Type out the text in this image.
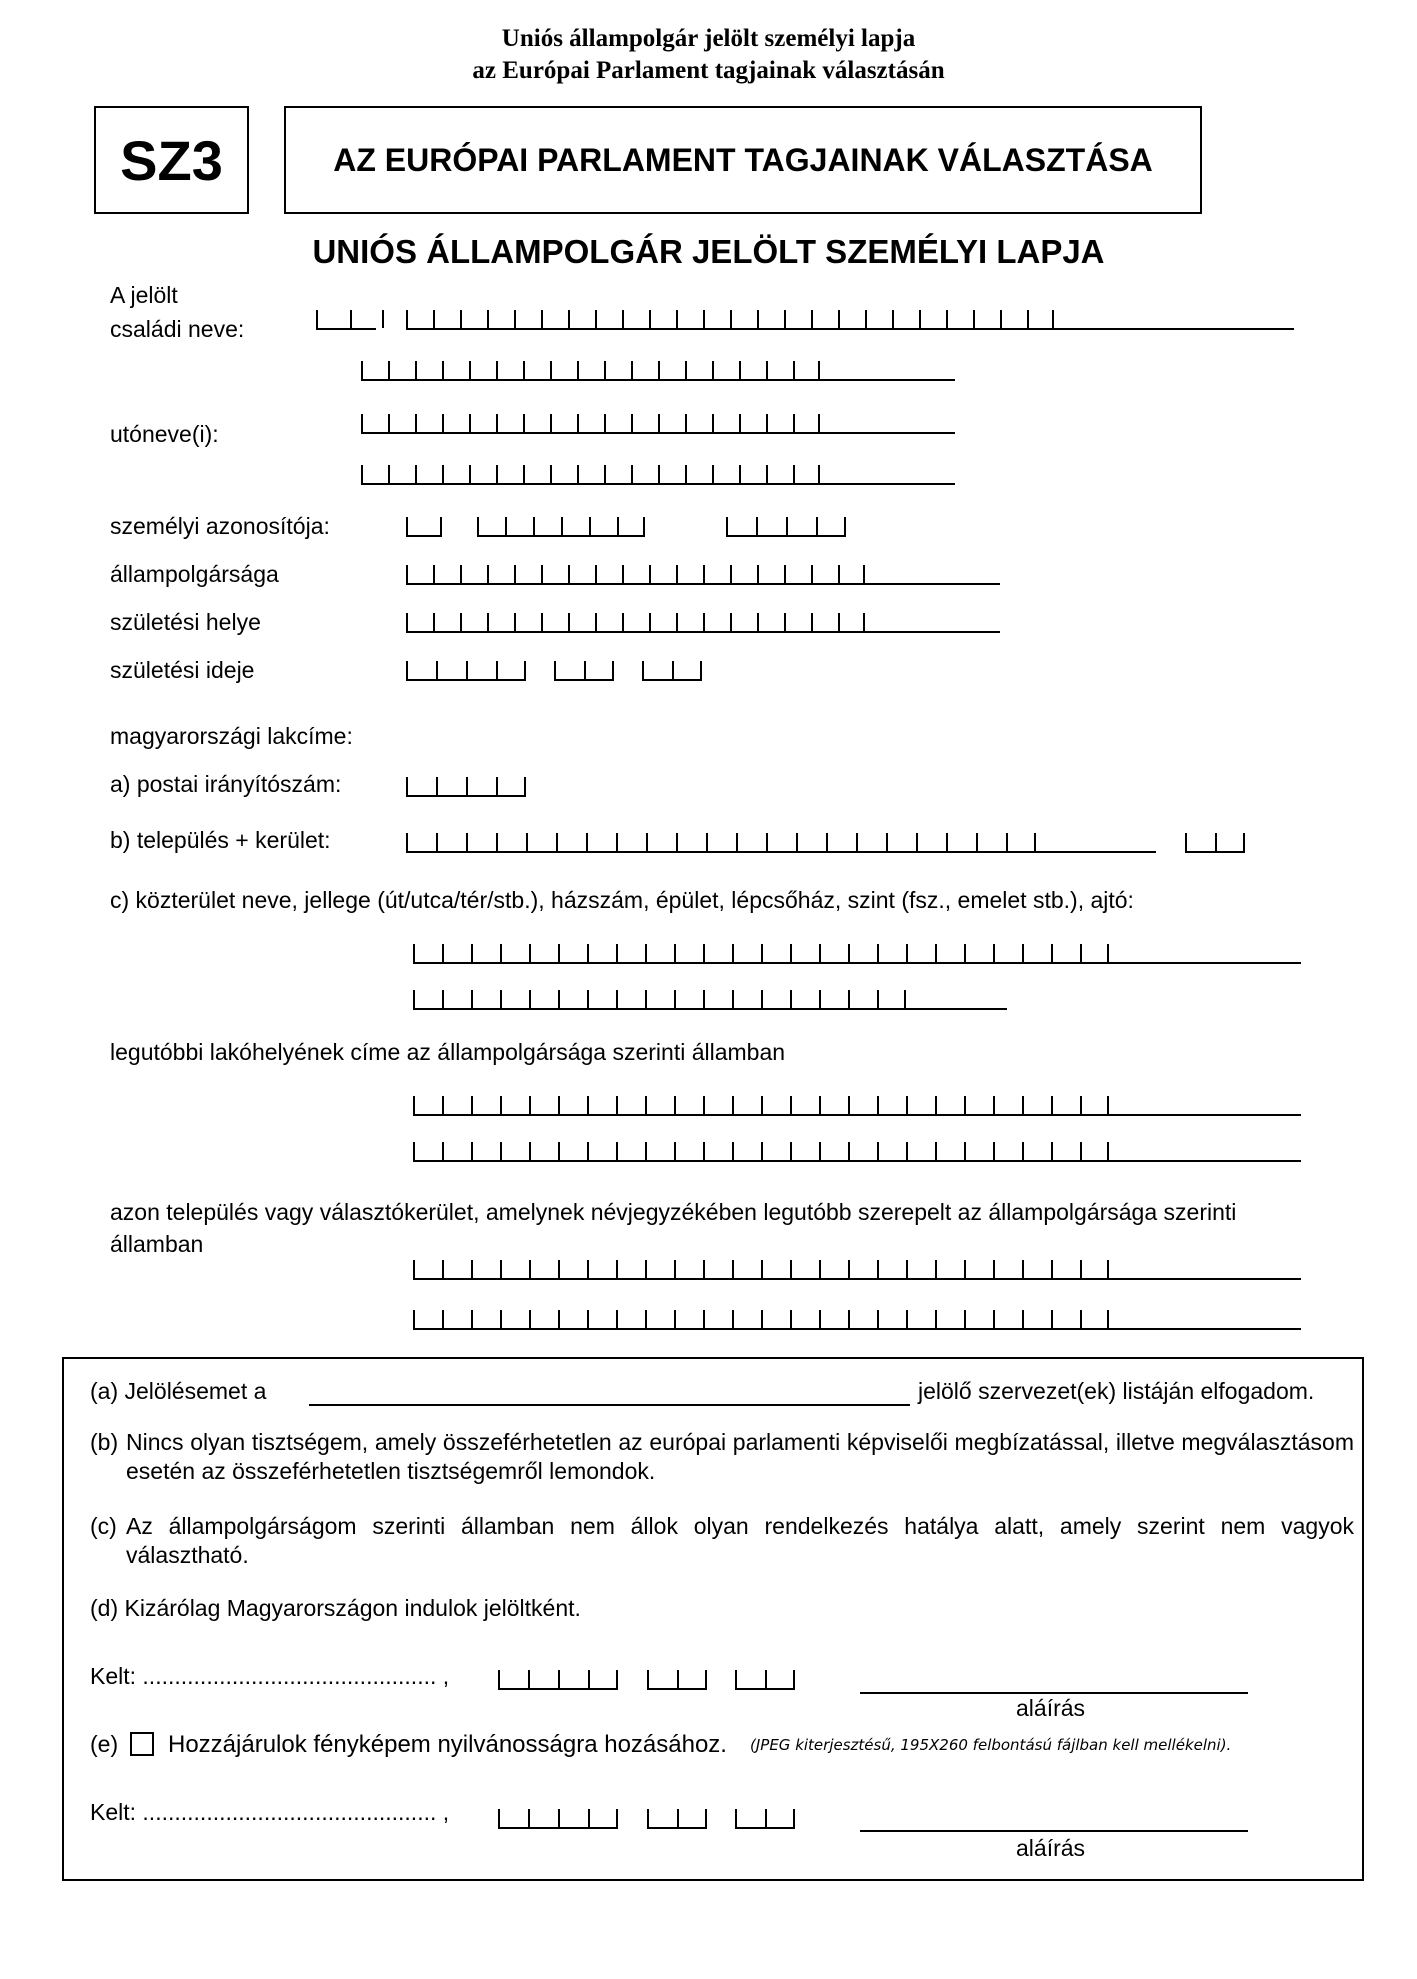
Uniós állampolgár jelölt személyi lapja
az Európai Parlament tagjainak választásán
SZ3	AZ EURÓPAI PARLAMENT TAGJAINAK VÁLASZTÁSA
UNIÓS ÁLLAMPOLGÁR JELÖLT SZEMÉLYI LAPJA
A jelölt
családi neve:
utóneve(i):
személyi azonosítója:
állampolgársága
születési helye
születési ideje
magyarországi lakcíme:
a) postai irányítószám:
b) település + kerület:
c) közterület neve, jellege (út/utca/tér/stb.), házszám, épület, lépcsőház, szint (fsz., emelet stb.), ajtó:
legutóbbi lakóhelyének címe az állampolgársága szerinti államban
azon település vagy választókerület, amelynek névjegyzékében legutóbb szerepelt az állampolgársága szerinti
államban
(a) Jelölésemet a	jelölő szervezet(ek) listáján elfogadom.
(b) Nincs olyan tisztségem, amely összeférhetetlen az európai parlamenti képviselői megbízatással, illetve megválasztásom esetén az összeférhetetlen tisztségemről lemondok.
(c) Az állampolgárságom szerinti államban nem állok olyan rendelkezés hatálya alatt, amely szerint nem vagyok választható.
(d) Kizárólag Magyarországon indulok jelöltként.
Kelt: .............................................. ,
aláírás
(e) Hozzájárulok fényképem nyilvánosságra hozásához. (JPEG kiterjesztésű, 195X260 felbontású fájlban kell mellékelni).
Kelt: .............................................. ,
aláírás
